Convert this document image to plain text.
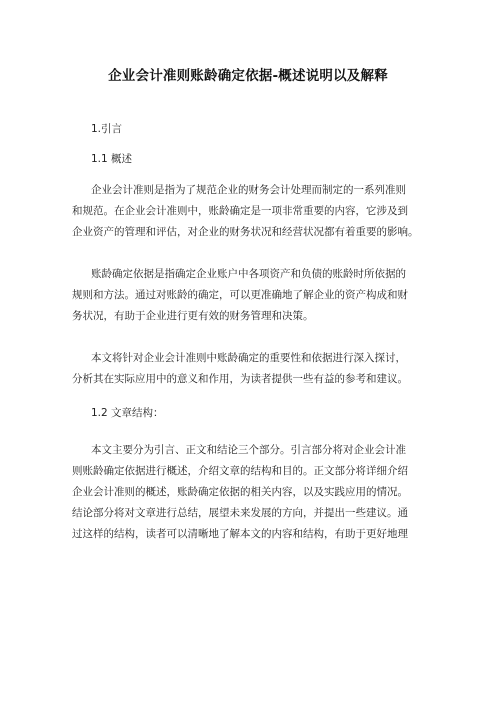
企业会计准则账龄确定依据-概述说明以及解释
1.引言
1.1 概述
企业会计准则是指为了规范企业的财务会计处理而制定的一系列准则
和规范。在企业会计准则中，账龄确定是一项非常重要的内容，它涉及到
企业资产的管理和评估，对企业的财务状况和经营状况都有着重要的影响。
账龄确定依据是指确定企业账户中各项资产和负债的账龄时所依据的
规则和方法。通过对账龄的确定，可以更准确地了解企业的资产构成和财
务状况，有助于企业进行更有效的财务管理和决策。
本文将针对企业会计准则中账龄确定的重要性和依据进行深入探讨，
分析其在实际应用中的意义和作用，为读者提供一些有益的参考和建议。
1.2 文章结构：
本文主要分为引言、正文和结论三个部分。引言部分将对企业会计准
则账龄确定依据进行概述，介绍文章的结构和目的。正文部分将详细介绍
企业会计准则的概述，账龄确定依据的相关内容，以及实践应用的情况。
结论部分将对文章进行总结，展望未来发展的方向，并提出一些建议。通
过这样的结构，读者可以清晰地了解本文的内容和结构，有助于更好地理
